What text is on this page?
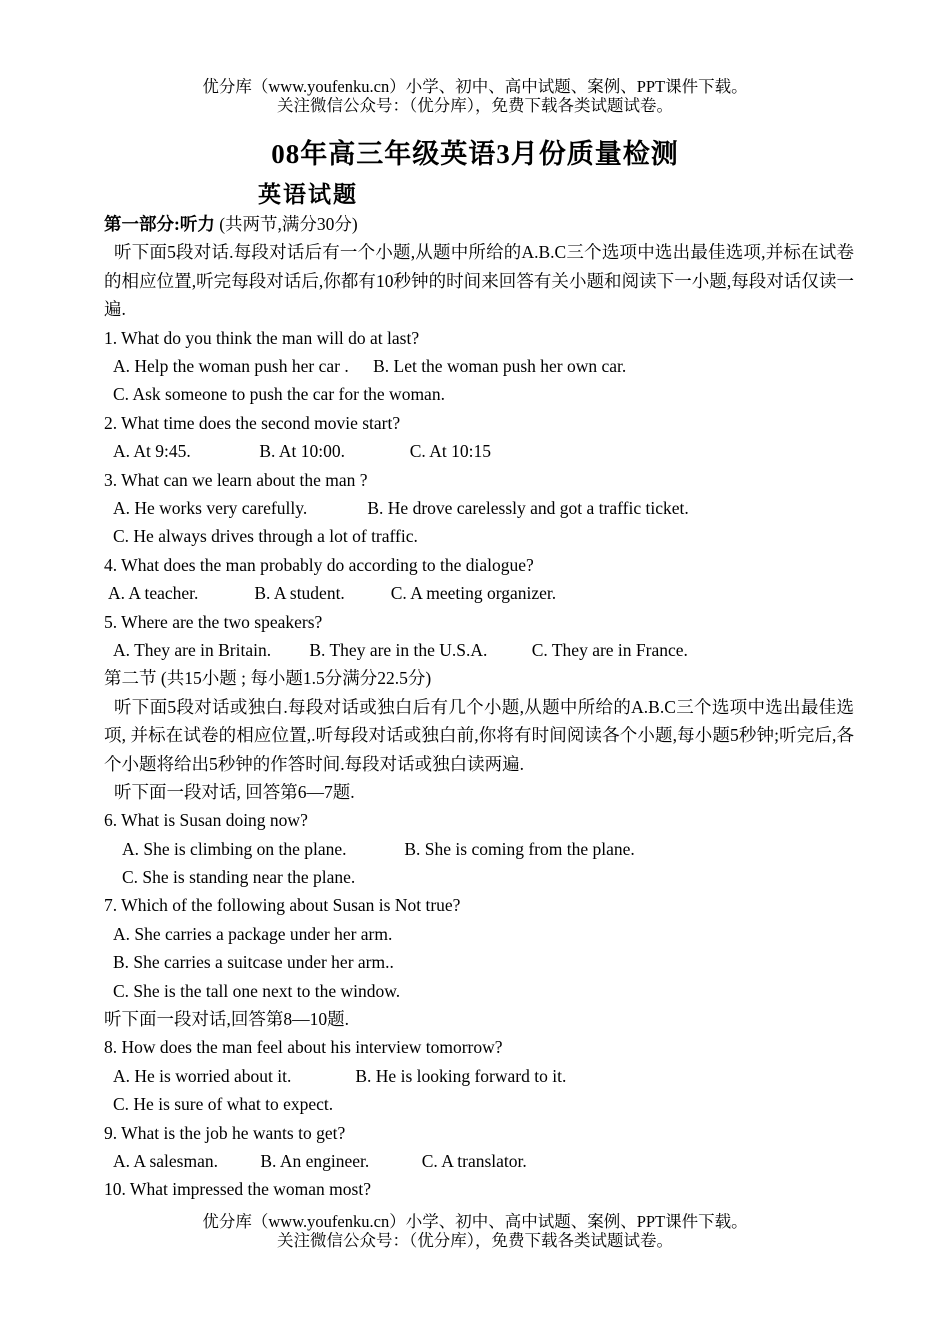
优分库（www.youfenku.cn）小学、初中、高中试题、案例、PPT课件下载。
关注微信公众号：（优分库），免费下载各类试题试卷。
08年高三年级英语3月份质量检测
英语试题
第一部分:听力 (共两节,满分30分)
听下面5段对话.每段对话后有一个小题,从题中所给的A.B.C三个选项中选出最佳选项,并标在试卷的相应位置,听完每段对话后,你都有10秒钟的时间来回答有关小题和阅读下一小题,每段对话仅读一遍.
1. What do you think the man will do at last?
A. Help the woman push her car . B. Let the woman push her own car.
C. Ask someone to push the car for the woman.
2. What time does the second movie start?
A. At 9:45.	B. At 10:00.	C. At 10:15
3. What can we learn about the man ?
A. He works very carefully.	B. He drove carelessly and got a traffic ticket.
C. He always drives through a lot of traffic.
4. What does the man probably do according to the dialogue?
A. A teacher.	B. A student.	C. A meeting organizer.
5. Where are the two speakers?
A. They are in Britain. B. They are in the U.S.A.	C. They are in France.
第二节 (共15小题 ; 每小题1.5分满分22.5分)
听下面5段对话或独白.每段对话或独白后有几个小题,从题中所给的A.B.C三个选项中选出最佳选项, 并标在试卷的相应位置,.听每段对话或独白前,你将有时间阅读各个小题,每小题5秒钟;听完后,各个小题将给出5秒钟的作答时间.每段对话或独白读两遍.
听下面一段对话, 回答第6—7题.
6. What is Susan doing now?
A. She is climbing on the plane.	B. She is coming from the plane.
C. She is standing near the plane.
7. Which of the following about Susan is Not true?
A. She carries a package under her arm.
B. She carries a suitcase under her arm..
C. She is the tall one next to the window.
听下面一段对话,回答第8—10题.
8. How does the man feel about his interview tomorrow?
A. He is worried about it.	B. He is looking forward to it.
C. He is sure of what to expect.
9. What is the job he wants to get?
A. A salesman. B. An engineer.	C. A translator.
10. What impressed the woman most?
优分库（www.youfenku.cn）小学、初中、高中试题、案例、PPT课件下载。
关注微信公众号：（优分库），免费下载各类试题试卷。
